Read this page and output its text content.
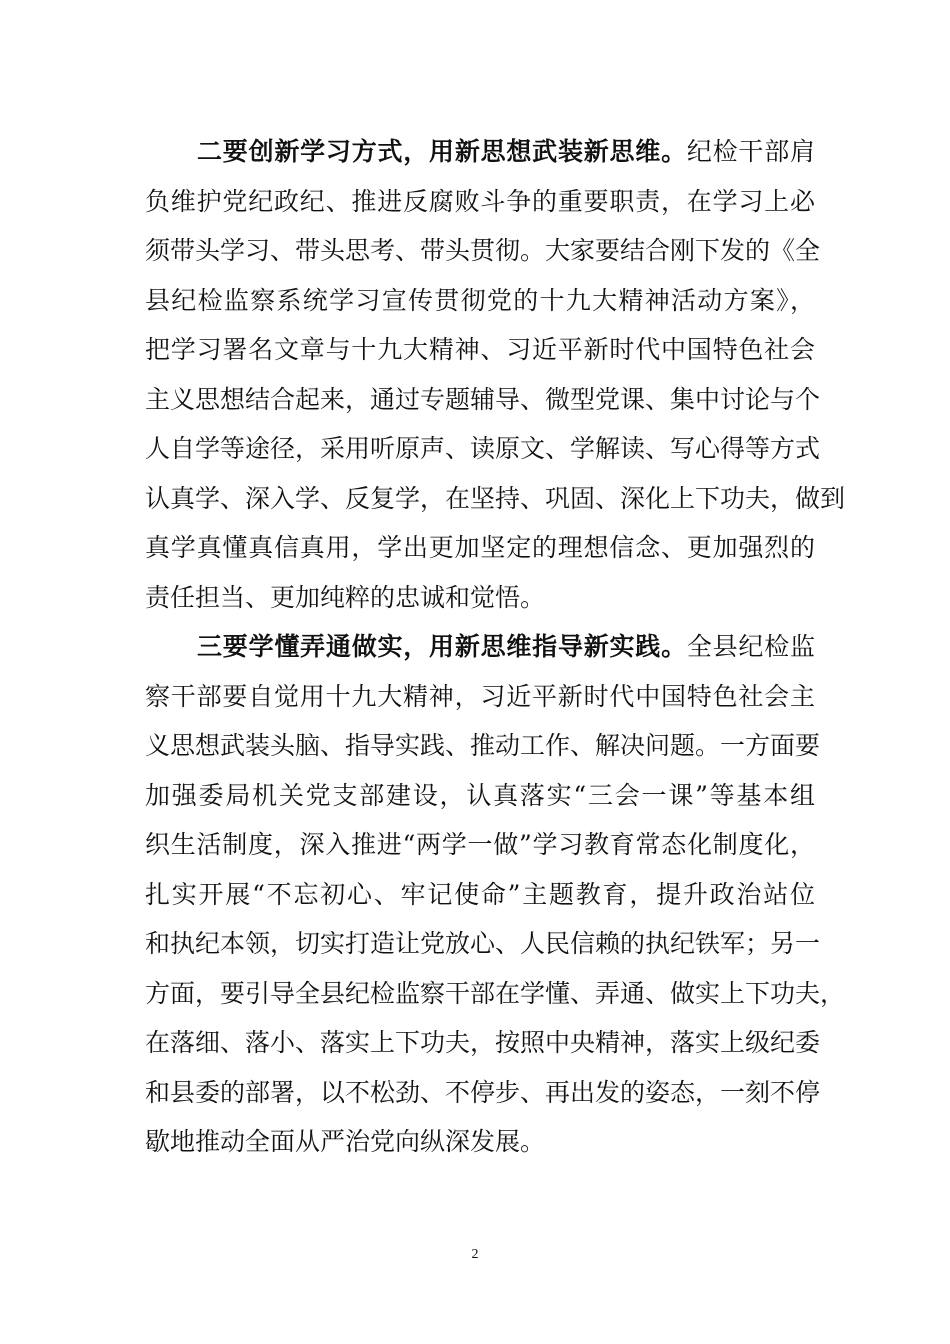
二要创新学习方式，用新思想武装新思维。纪检干部肩
负维护党纪政纪、推进反腐败斗争的重要职责，在学习上必
须带头学习、带头思考、带头贯彻。大家要结合刚下发的《全
县纪检监察系统学习宣传贯彻党的十九大精神活动方案》，
把学习署名文章与十九大精神、习近平新时代中国特色社会
主义思想结合起来，通过专题辅导、微型党课、集中讨论与个
人自学等途径，采用听原声、读原文、学解读、写心得等方式
认真学、深入学、反复学，在坚持、巩固、深化上下功夫，做到
真学真懂真信真用，学出更加坚定的理想信念、更加强烈的
责任担当、更加纯粹的忠诚和觉悟。
三要学懂弄通做实，用新思维指导新实践。全县纪检监
察干部要自觉用十九大精神，习近平新时代中国特色社会主
义思想武装头脑、指导实践、推动工作、解决问题。一方面要
加强委局机关党支部建设，认真落实“三会一课”等基本组
织生活制度，深入推进“两学一做”学习教育常态化制度化，
扎实开展“不忘初心、牢记使命”主题教育，提升政治站位
和执纪本领，切实打造让党放心、人民信赖的执纪铁军；另一
方面，要引导全县纪检监察干部在学懂、弄通、做实上下功夫，
在落细、落小、落实上下功夫，按照中央精神，落实上级纪委
和县委的部署，以不松劲、不停步、再出发的姿态，一刻不停
歇地推动全面从严治党向纵深发展。
2
